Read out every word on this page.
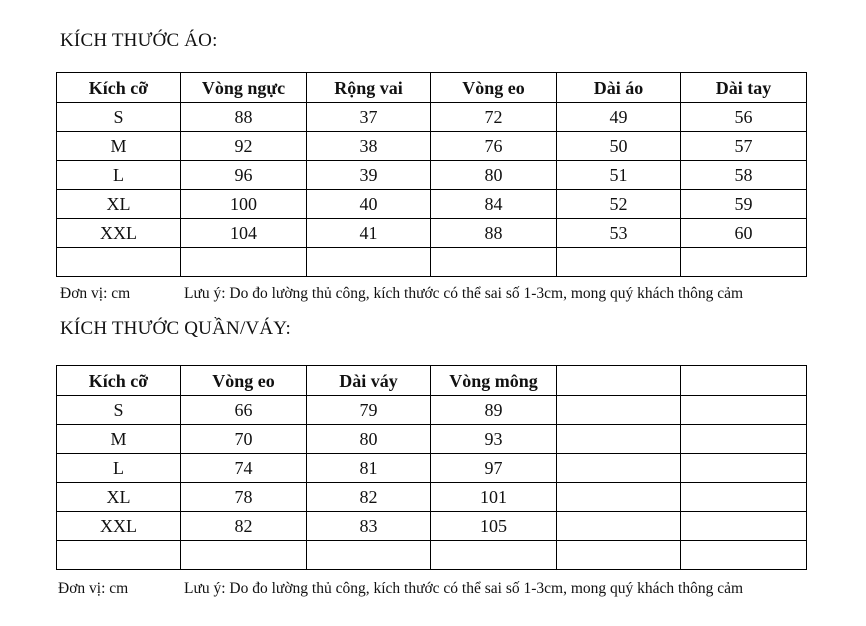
KÍCH THƯỚC ÁO:
Kích cỡ	Vòng ngực	Rộng vai	Vòng eo	Dài áo	Dài tay
S	88	37	72	49	56
M	92	38	76	50	57
L	96	39	80	51	58
XL	100	40	84	52	59
XXL	104	41	88	53	60

Đơn vị: cm	Lưu ý: Do đo lường thủ công, kích thước có thể sai số 1-3cm, mong quý khách thông cảm
KÍCH THƯỚC QUẦN/VÁY:
Kích cỡ	Vòng eo	Dài váy	Vòng mông		
S	66	79	89		
M	70	80	93		
L	74	81	97		
XL	78	82	101		
XXL	82	83	105		

Đơn vị: cm	Lưu ý: Do đo lường thủ công, kích thước có thể sai số 1-3cm, mong quý khách thông cảm
